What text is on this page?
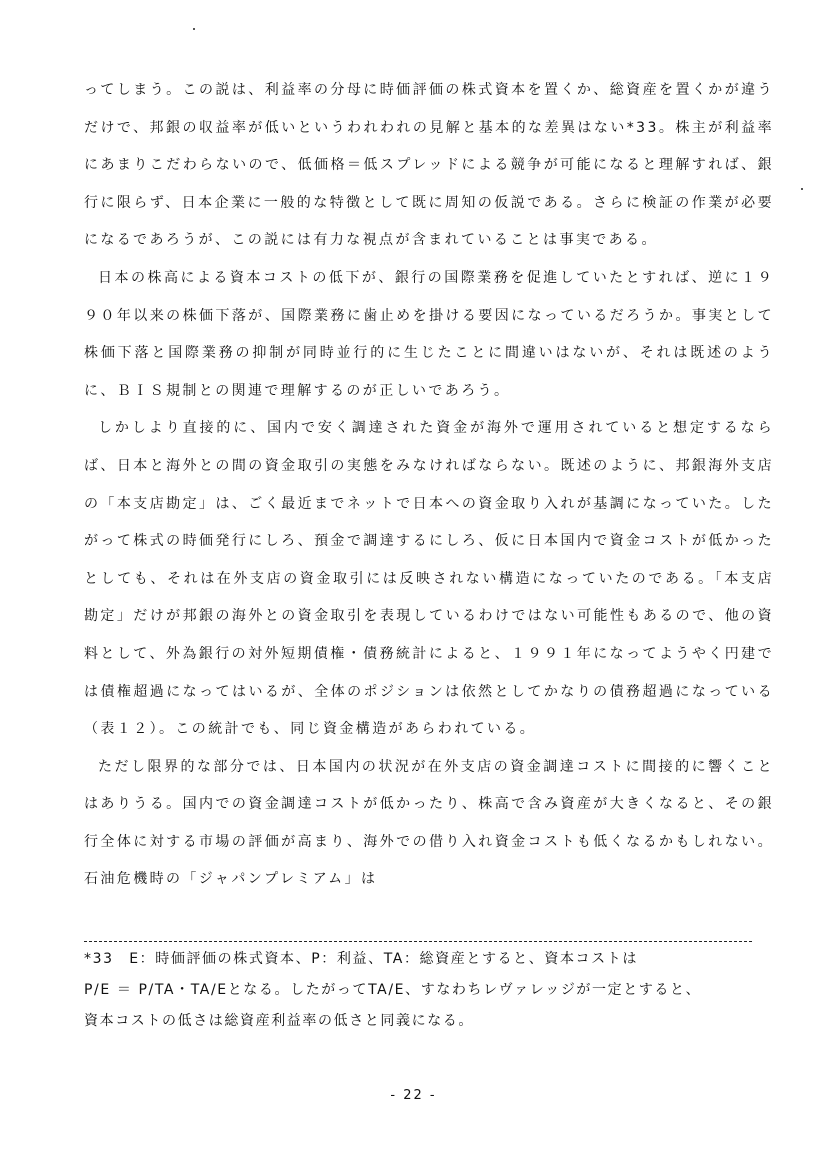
ってしまう。この説は、利益率の分母に時価評価の株式資本を置くか、総資産を置くかが違うだけで、邦銀の収益率が低いというわれわれの見解と基本的な差異はない*33。株主が利益率にあまりこだわらないので、低価格＝低スプレッドによる競争が可能になると理解すれば、銀行に限らず、日本企業に一般的な特徴として既に周知の仮説である。さらに検証の作業が必要になるであろうが、この説には有力な視点が含まれていることは事実である。

日本の株高による資本コストの低下が、銀行の国際業務を促進していたとすれば、逆に１９９０年以来の株価下落が、国際業務に歯止めを掛ける要因になっているだろうか。事実として株価下落と国際業務の抑制が同時並行的に生じたことに間違いはないが、それは既述のように、ＢＩＳ規制との関連で理解するのが正しいであろう。

しかしより直接的に、国内で安く調達された資金が海外で運用されていると想定するならば、日本と海外との間の資金取引の実態をみなければならない。既述のように、邦銀海外支店の「本支店勘定」は、ごく最近までネットで日本への資金取り入れが基調になっていた。したがって株式の時価発行にしろ、預金で調達するにしろ、仮に日本国内で資金コストが低かったとしても、それは在外支店の資金取引には反映されない構造になっていたのである。「本支店勘定」だけが邦銀の海外との資金取引を表現しているわけではない可能性もあるので、他の資料として、外為銀行の対外短期債権・債務統計によると、１９９１年になってようやく円建では債権超過になってはいるが、全体のポジションは依然としてかなりの債務超過になっている（表１２）。この統計でも、同じ資金構造があらわれている。

ただし限界的な部分では、日本国内の状況が在外支店の資金調達コストに間接的に響くことはありうる。国内での資金調達コストが低かったり、株高で含み資産が大きくなると、その銀行全体に対する市場の評価が高まり、海外での借り入れ資金コストも低くなるかもしれない。石油危機時の「ジャパンプレミアム」は

*33　E：時価評価の株式資本、P：利益、TA：総資産とすると、資本コストは

P/E ＝ P/TA・TA/Eとなる。したがってTA/E、すなわちレヴァレッジが一定とすると、

資本コストの低さは総資産利益率の低さと同義になる。

- 22 -
